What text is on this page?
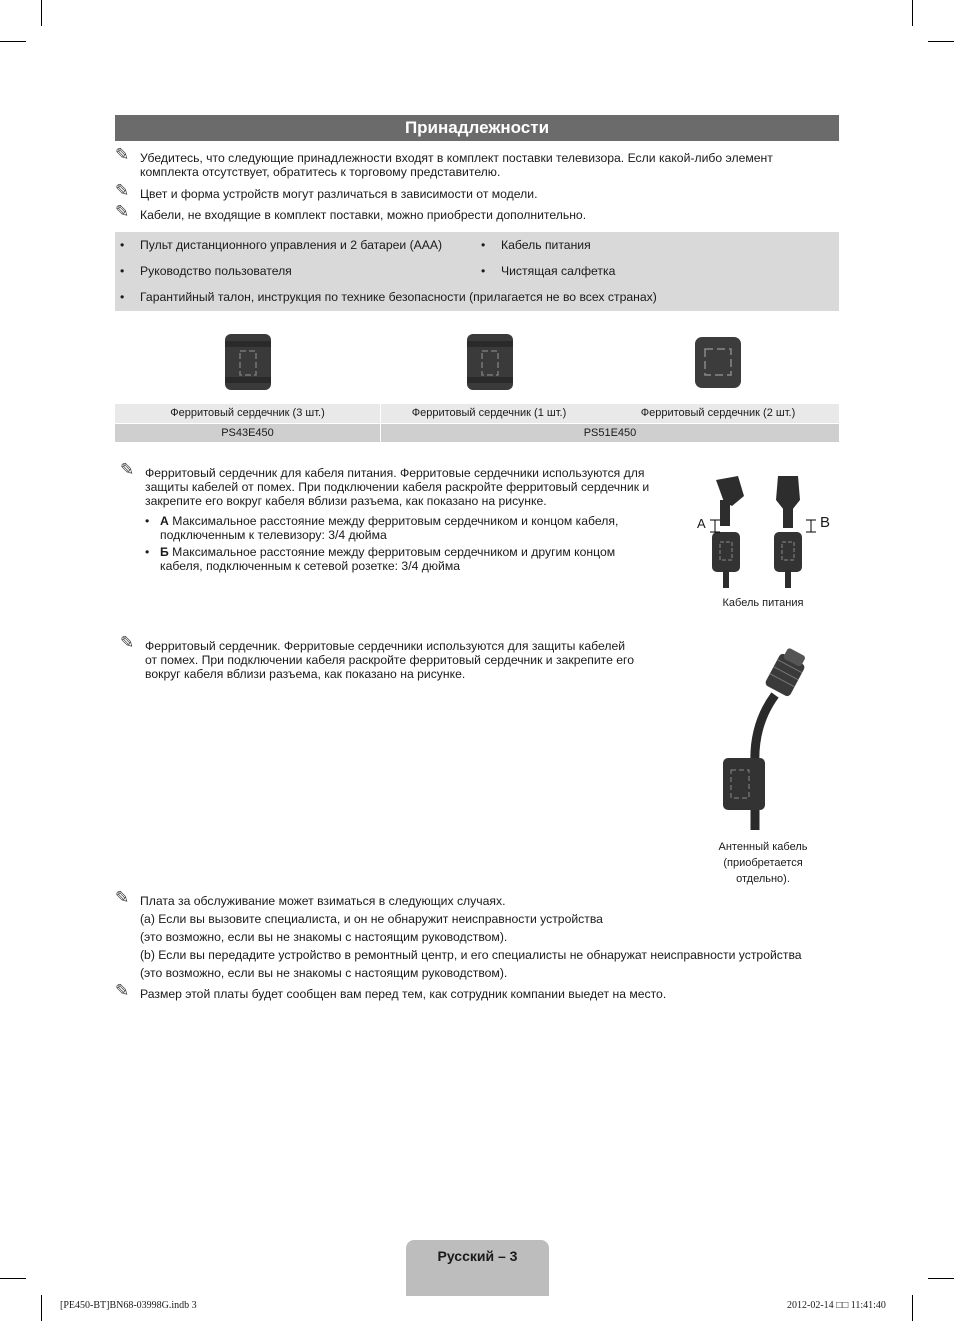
Принадлежности
✎ Убедитесь, что следующие принадлежности входят в комплект поставки телевизора. Если какой-либо элемент
комплекта отсутствует, обратитесь к торговому представителю.
✎ Цвет и форма устройств могут различаться в зависимости от модели.
✎ Кабели, не входящие в комплект поставки, можно приобрести дополнительно.
• Пульт дистанционного управления и 2 батареи (AAA)	• Кабель питания
• Руководство пользователя	• Чистящая салфетка
• Гарантийный талон, инструкция по технике безопасности (прилагается не во всех странах)
Ферритовый сердечник (3 шт.)	Ферритовый сердечник (1 шт.)	Ферритовый сердечник (2 шт.)
PS43E450	PS51E450
✎ Ферритовый сердечник для кабеля питания. Ферритовые сердечники используются для
защиты кабелей от помех. При подключении кабеля раскройте ферритовый сердечник и
закрепите его вокруг кабеля вблизи разъема, как показано на рисунке.
• А Максимальное расстояние между ферритовым сердечником и концом кабеля,
подключенным к телевизору: 3/4 дюйма
• Б Максимальное расстояние между ферритовым сердечником и другим концом
кабеля, подключенным к сетевой розетке: 3/4 дюйма
A	B
Кабель питания
✎ Ферритовый сердечник. Ферритовые сердечники используются для защиты кабелей
от помех. При подключении кабеля раскройте ферритовый сердечник и закрепите его
вокруг кабеля вблизи разъема, как показано на рисунке.
Антенный кабель
(приобретается
отдельно).
✎ Плата за обслуживание может взиматься в следующих случаях.
(a) Если вы вызовите специалиста, и он не обнаружит неисправности устройства
(это возможно, если вы не знакомы с настоящим руководством).
(b) Если вы передадите устройство в ремонтный центр, и его специалисты не обнаружат неисправности устройства
(это возможно, если вы не знакомы с настоящим руководством).
✎ Размер этой платы будет сообщен вам перед тем, как сотрудник компании выедет на место.
Русский – 3
[PE450-BT]BN68-03998G.indb 3	2012-02-14 □□ 11:41:40
